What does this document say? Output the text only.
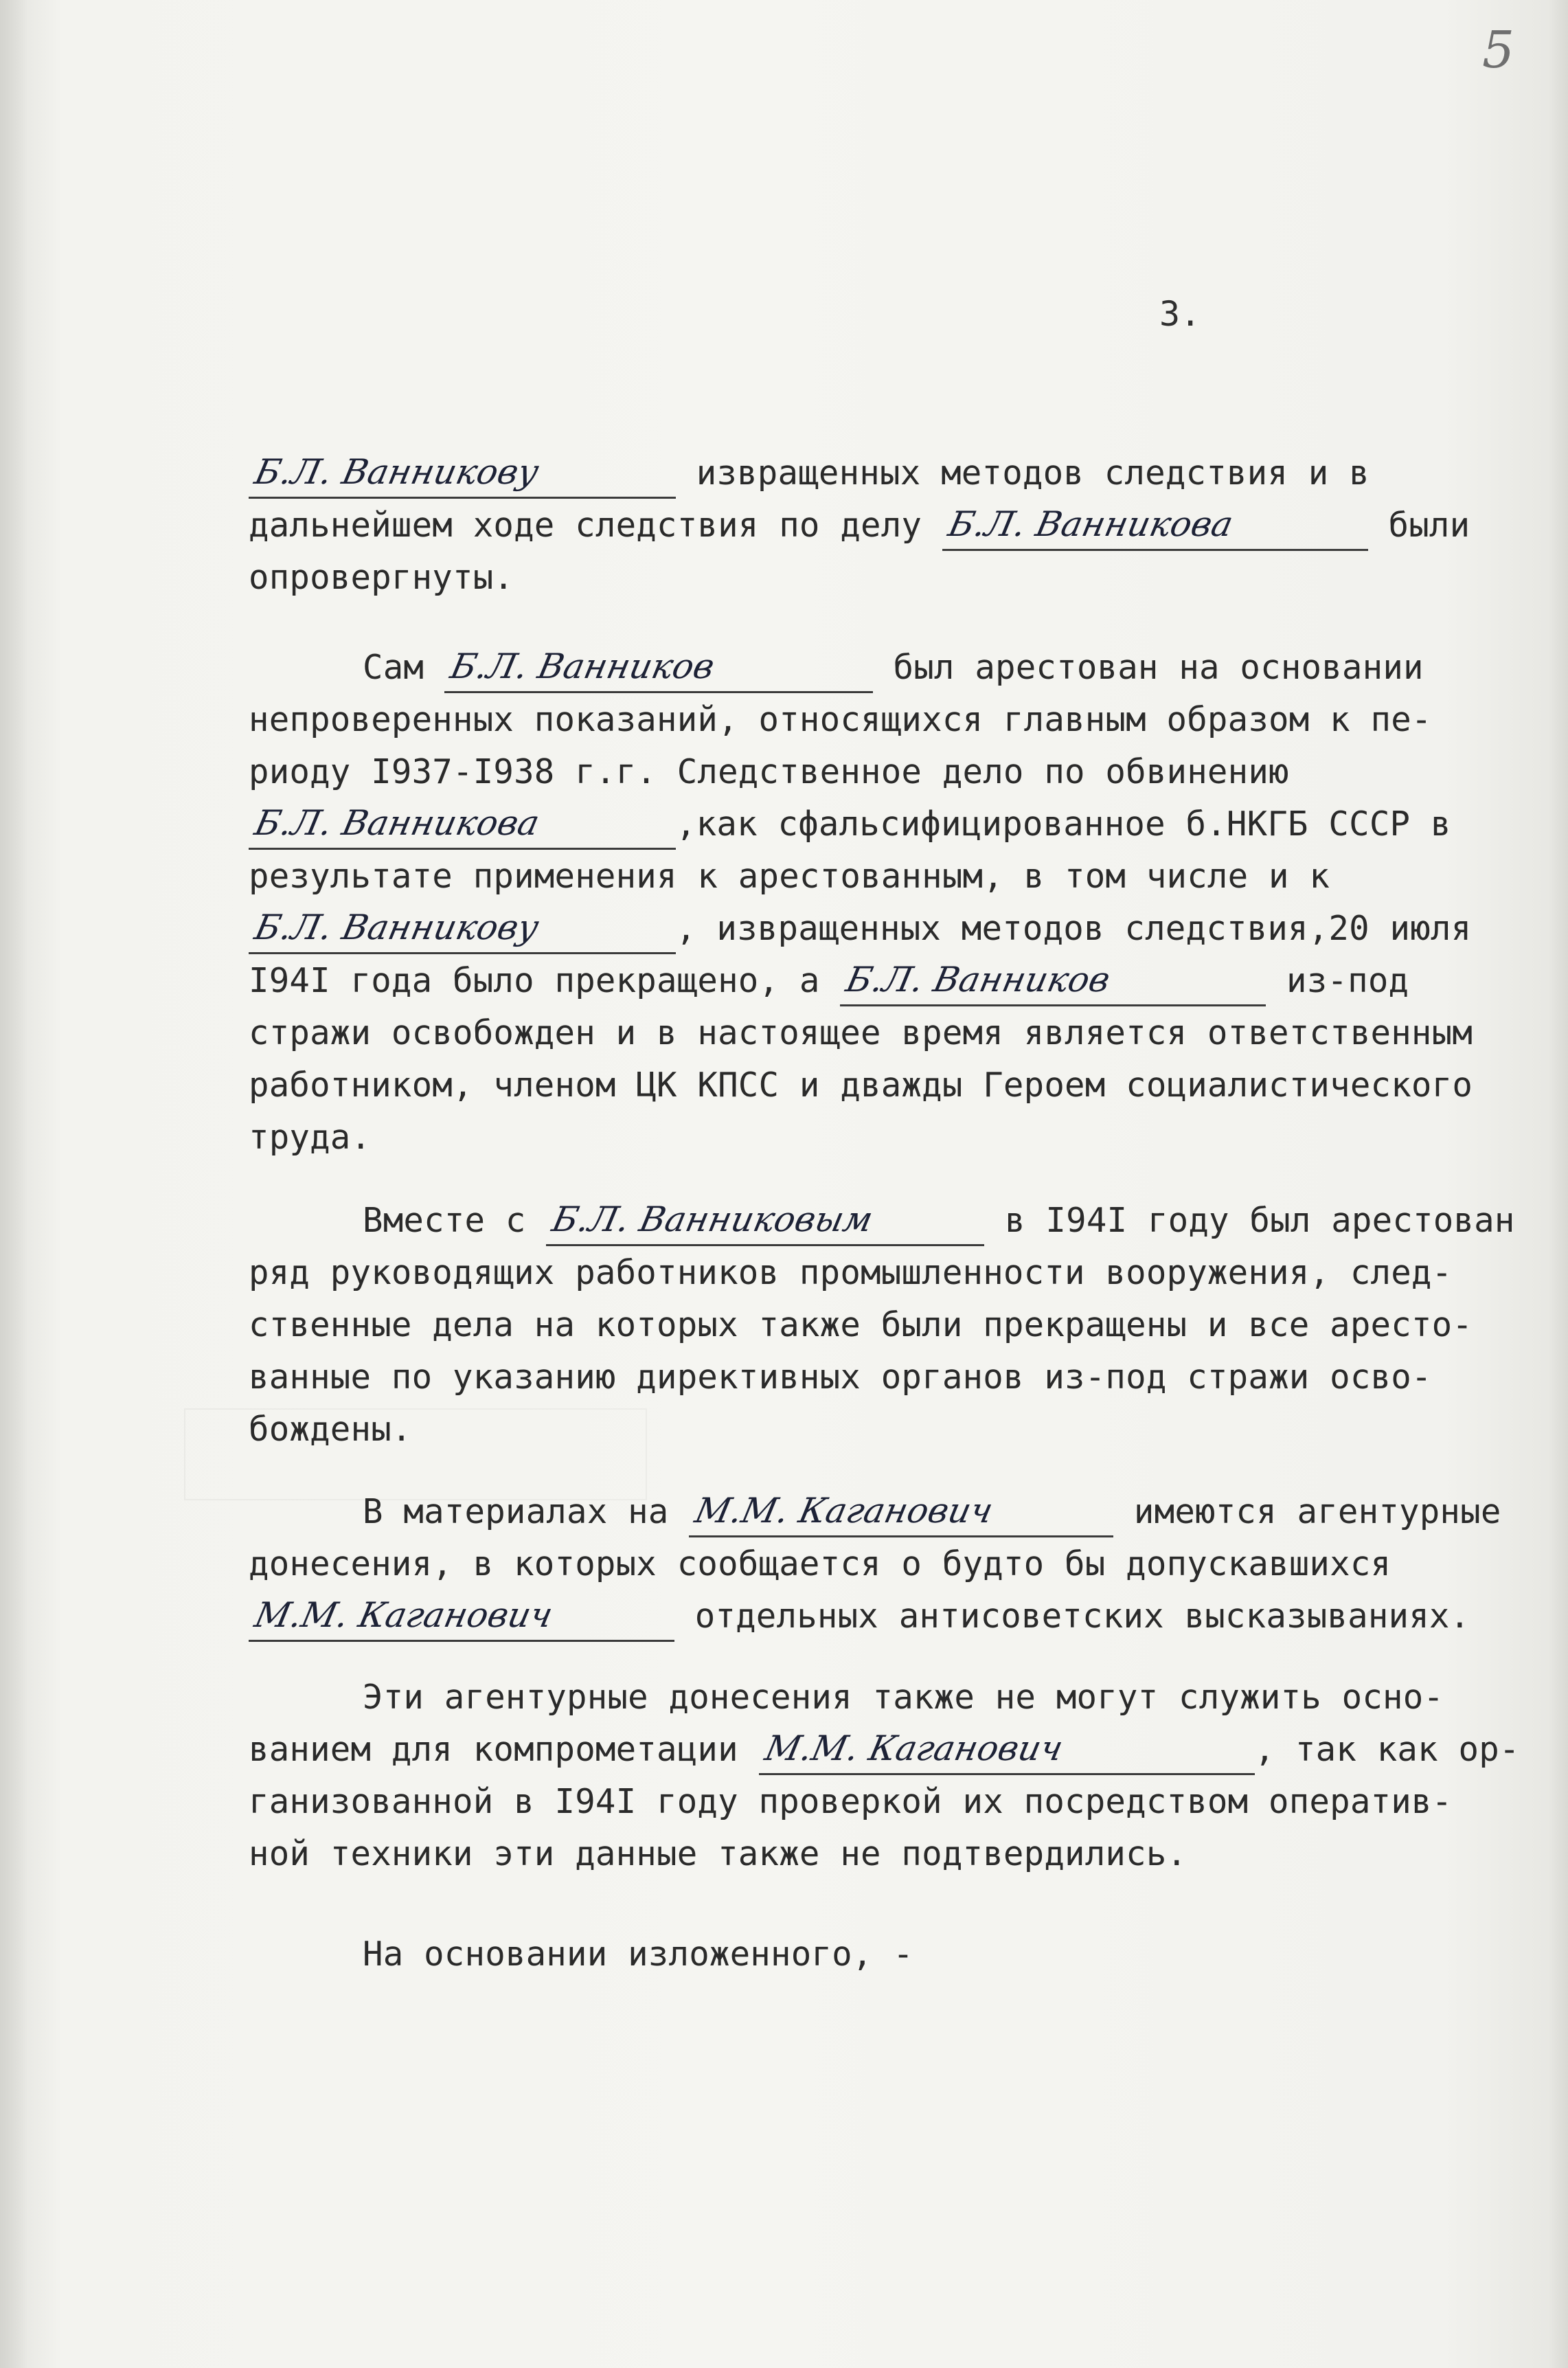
5
3.
Б.Л. Ванникову	извращенных методов следствия и в
дальнейшем ходе следствия по делу Б.Л. Ванникова	были
опровергнуты.
Сам Б.Л. Ванников	был арестован на основании
непроверенных показаний, относящихся главным образом к пе-
риоду I937-I938 г.г. Следственное дело по обвинению
Б.Л. Ванникова	,как сфальсифицированное б.НКГБ СССР в
результате применения к арестованным, в том числе и к
Б.Л. Ванникову	, извращенных методов следствия,20 июля
I94I года было прекращено, а Б.Л. Ванников	из-под
стражи освобожден и в настоящее время является ответственным
работником, членом ЦК КПСС и дважды Героем социалистического
труда.
Вместе с Б.Л. Ванниковым	в I94I году был арестован
ряд руководящих работников промышленности вооружения, след-
ственные дела на которых также были прекращены и все аресто-
ванные по указанию директивных органов из-под стражи осво-
бождены.
В материалах на М.М. Каганович	имеются агентурные
донесения, в которых сообщается о будто бы допускавшихся
М.М. Каганович	отдельных антисоветских высказываниях.
Эти агентурные донесения также не могут служить осно-
ванием для компрометации М.М. Каганович	, так как ор-
ганизованной в I94I году проверкой их посредством оператив-
ной техники эти данные также не подтвердились.
На основании изложенного, -
